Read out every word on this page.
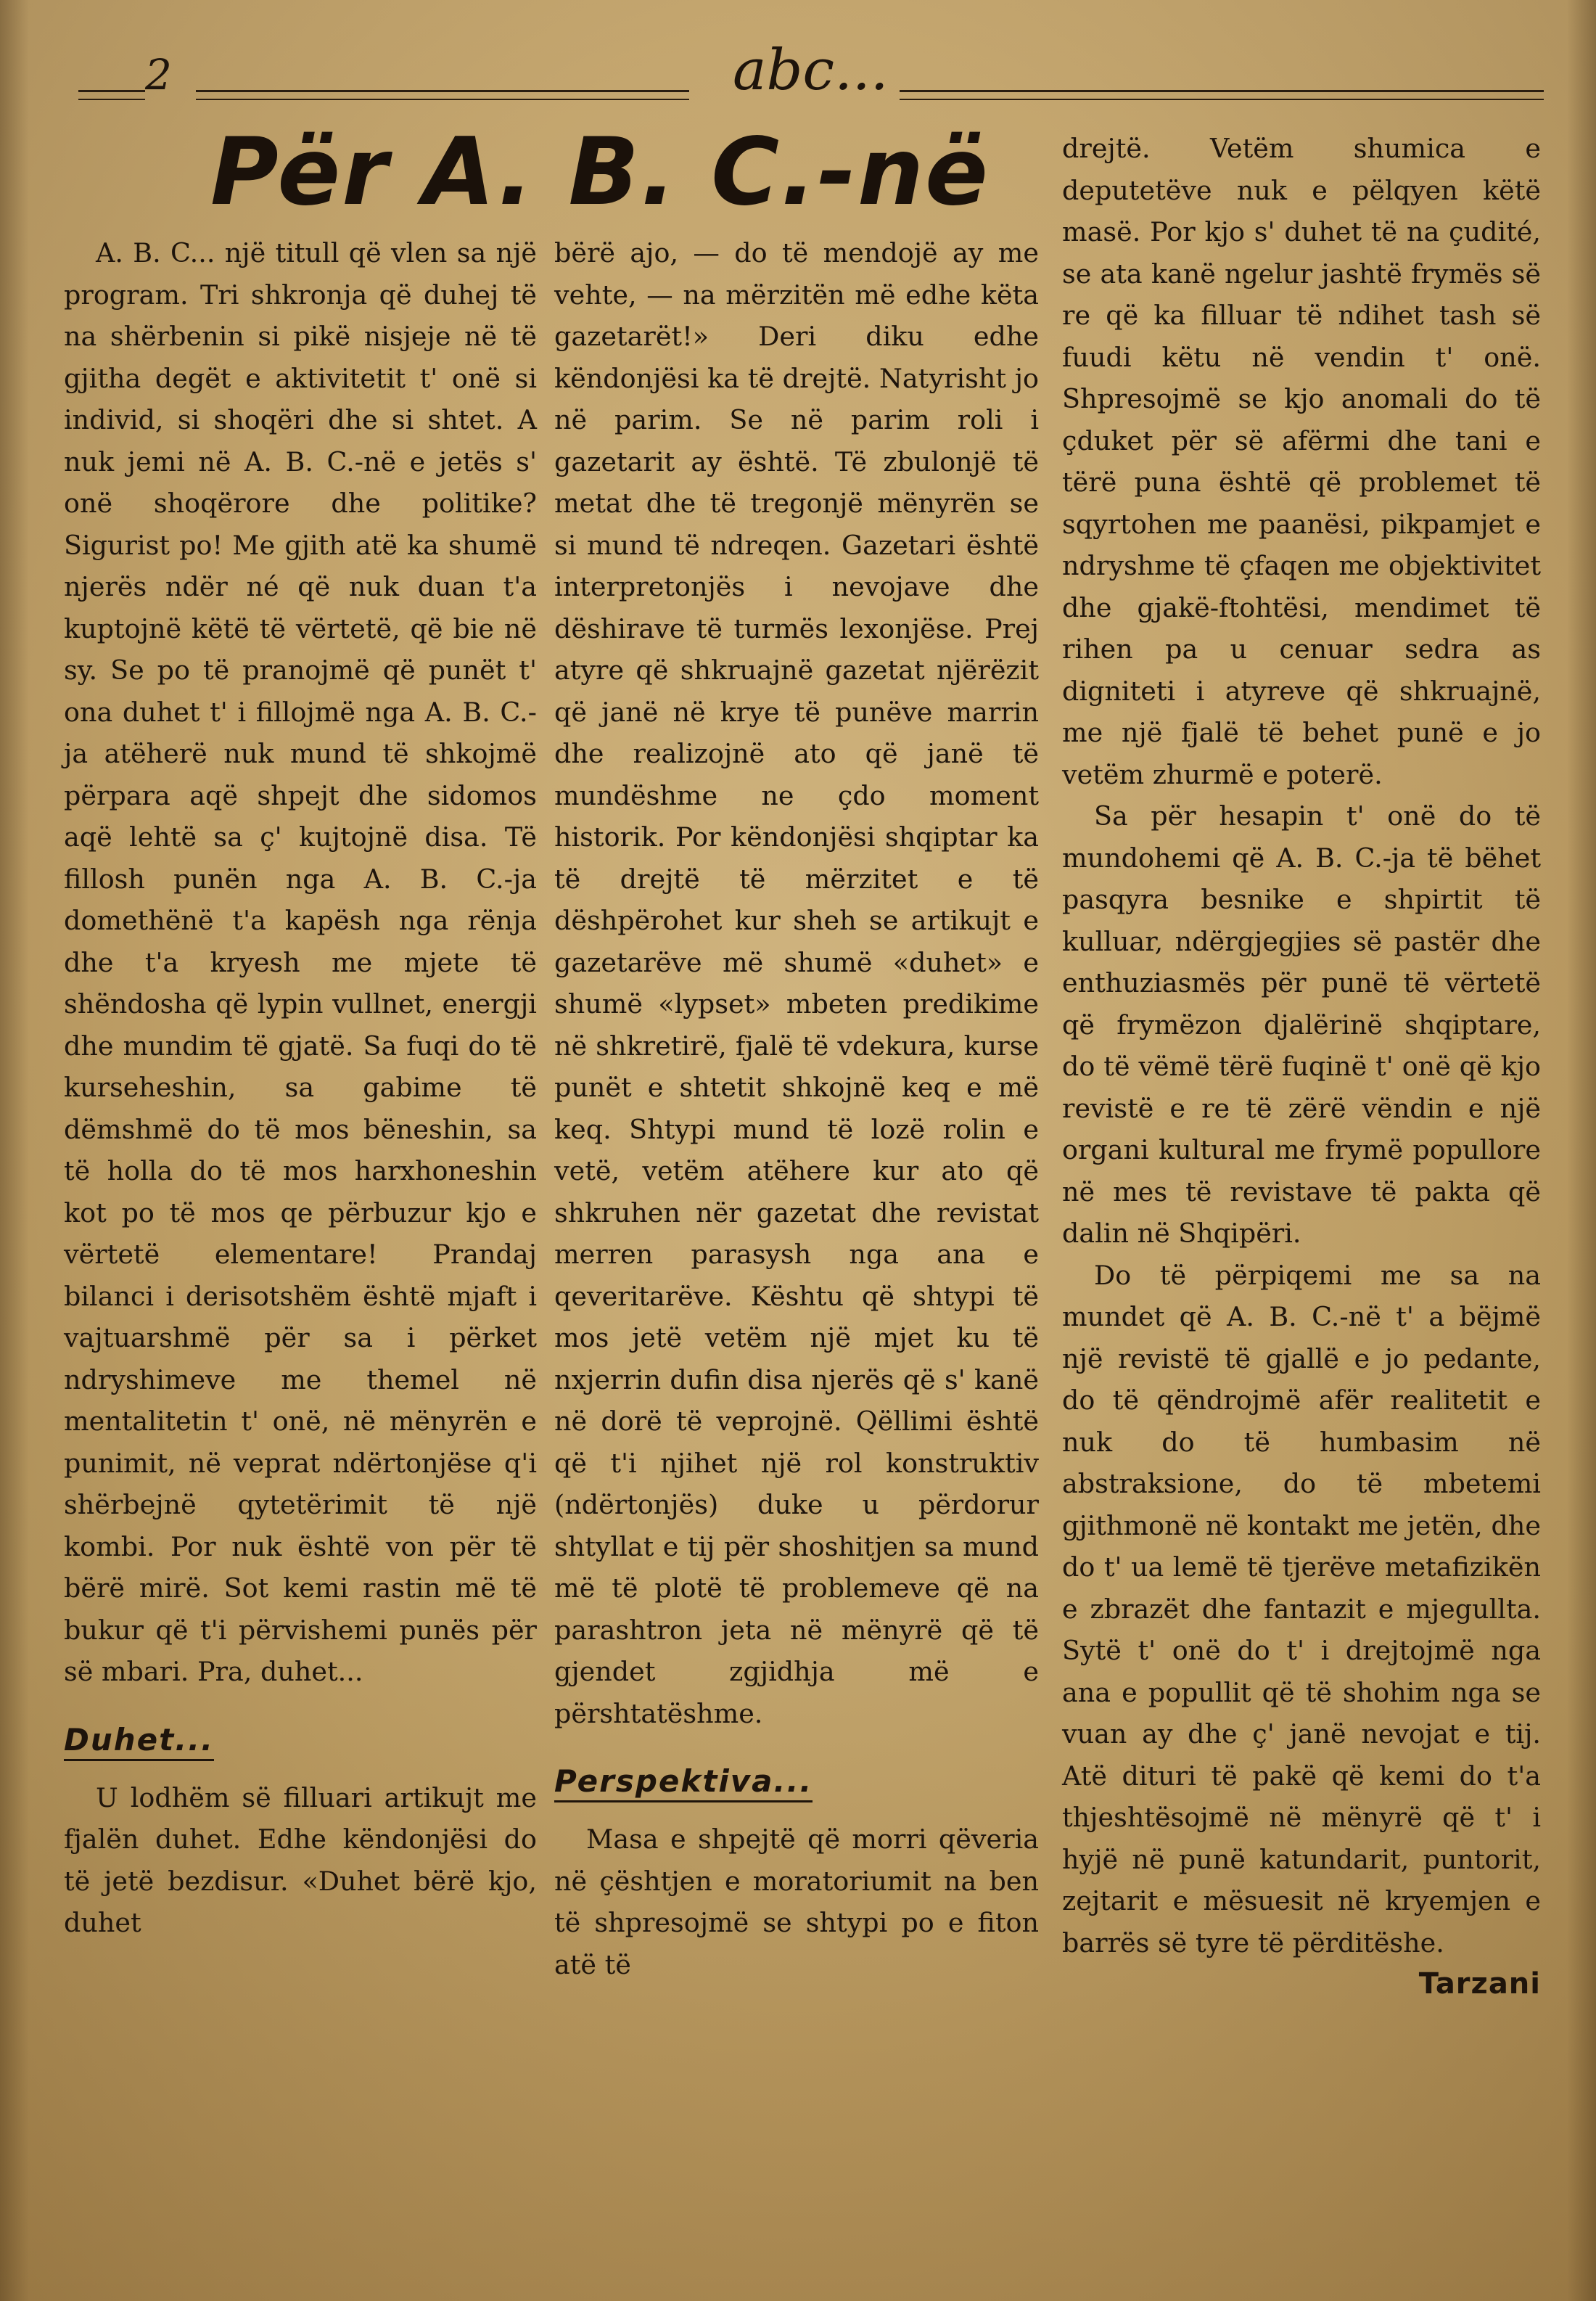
2	abc...
Për A. B. C.-në

A. B. C... një titull që vlen sa një program. Tri shkronja që duhej të na shërbenin si pikë nisjeje në të gjitha degët e aktivitetit t' onë si individ, si shoqëri dhe si shtet. A nuk jemi në A. B. C.-në e jetës s' onë shoqërore dhe politike? Sigurist po! Me gjith atë ka shumë njerës ndër né që nuk duan t'a kuptojnë këtë të vërtetë, që bie në sy. Se po të pranojmë që punët t' ona duhet t' i fillojmë nga A. B. C.-ja atëherë nuk mund të shkojmë përpara aqë shpejt dhe sidomos aqë lehtë sa ç' kujtojnë disa. Të fillosh punën nga A. B. C.-ja domethënë t'a kapësh nga rënja dhe t'a kryesh me mjete të shëndosha që lypin vullnet, energji dhe mundim të gjatë. Sa fuqi do të kurseheshin, sa gabime të dëmshmë do të mos bëneshin, sa të holla do të mos harxhoneshin kot po të mos qe përbuzur kjo e vërtetë elementare! Prandaj bilanci i derisotshëm është mjaft i vajtuarshmë për sa i përket ndryshimeve me themel në mentalitetin t' onë, në mënyrën e punimit, në veprat ndërtonjëse q'i shërbejnë qytetërimit të një kombi. Por nuk është von për të bërë mirë. Sot kemi rastin më të bukur që t'i përvishemi punës për së mbari. Pra, duhet...

Duhet...

U lodhëm së filluari artikujt me fjalën duhet. Edhe këndonjësi do të jetë bezdisur. «Duhet bërë kjo, duhet

bërë ajo, — do të mendojë ay me vehte, — na mërzitën më edhe këta gazetarët!» Deri diku edhe këndonjësi ka të drejtë. Natyrisht jo në parim. Se në parim roli i gazetarit ay është. Të zbulonjë të metat dhe të tregonjë mënyrën se si mund të ndreqen. Gazetari është interpretonjës i nevojave dhe dëshirave të turmës lexonjëse. Prej atyre që shkruajnë gazetat njërëzit që janë në krye të punëve marrin dhe realizojnë ato që janë të mundëshme ne çdo moment historik. Por këndonjësi shqiptar ka të drejtë të mërzitet e të dëshpërohet kur sheh se artikujt e gazetarëve më shumë «duhet» e shumë «lypset» mbeten predikime në shkretirë, fjalë të vdekura, kurse punët e shtetit shkojnë keq e më keq. Shtypi mund të lozë rolin e vetë, vetëm atëhere kur ato që shkruhen nër gazetat dhe revistat merren parasysh nga ana e qeveritarëve. Kështu që shtypi të mos jetë vetëm një mjet ku të nxjerrin dufin disa njerës që s' kanë në dorë të veprojnë. Qëllimi është që t'i njihet një rol konstruktiv (ndërtonjës) duke u përdorur shtyllat e tij për shoshitjen sa mund më të plotë të problemeve që na parashtron jeta në mënyrë që të gjendet zgjidhja më e përshtatëshme.

Perspektiva...

Masa e shpejtë që morri qëveria në çështjen e moratoriumit na ben të shpresojmë se shtypi po e fiton atë të

drejtë. Vetëm shumica e deputetëve nuk e pëlqyen këtë masë. Por kjo s' duhet të na çudité, se ata kanë ngelur jashtë frymës së re që ka filluar të ndihet tash së fuudi këtu në vendin t' onë. Shpresojmë se kjo anomali do të çduket për së afërmi dhe tani e tërë puna është që problemet të sqyrtohen me paanësi, pikpamjet e ndryshme të çfaqen me objektivitet dhe gjakë-ftohtësi, mendimet të rihen pa u cenuar sedra as digniteti i atyreve që shkruajnë, me një fjalë të behet punë e jo vetëm zhurmë e poterë.

Sa për hesapin t' onë do të mundohemi që A. B. C.-ja të bëhet pasqyra besnike e shpirtit të kulluar, ndërgjegjies së pastër dhe enthuziasmës për punë të vërtetë që frymëzon djalërinë shqiptare, do të vëmë tërë fuqinë t' onë që kjo revistë e re të zërë vëndin e një organi kultural me frymë popullore në mes të revistave të pakta që dalin në Shqipëri.

Do të përpiqemi me sa na mundet që A. B. C.-në t' a bëjmë një revistë të gjallë e jo pedante, do të qëndrojmë afër realitetit e nuk do të humbasim në abstraksione, do të mbetemi gjithmonë në kontakt me jetën, dhe do t' ua lemë të tjerëve metafizikën e zbrazët dhe fantazit e mjegullta. Sytë t' onë do t' i drejtojmë nga ana e popullit që të shohim nga se vuan ay dhe ç' janë nevojat e tij. Atë dituri të pakë që kemi do t'a thjeshtësojmë në mënyrë që t' i hyjë në punë katundarit, puntorit, zejtarit e mësuesit në kryemjen e barrës së tyre të përditëshe.

Tarzani
